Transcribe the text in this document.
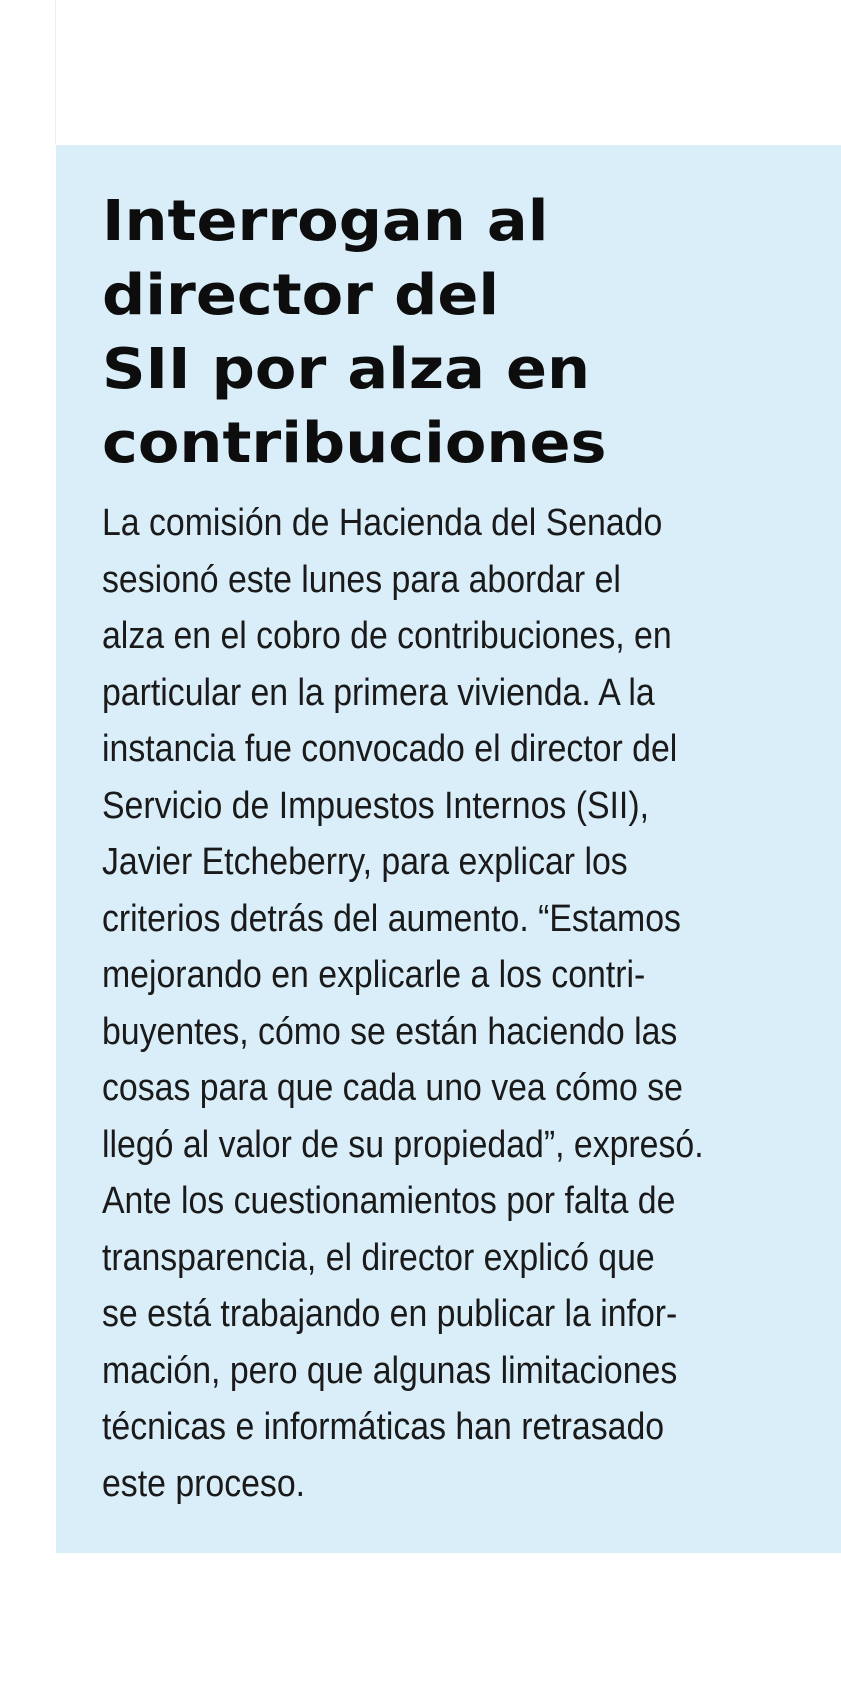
Interrogan al
director del
SII por alza en
contribuciones

La comisión de Hacienda del Senado
sesionó este lunes para abordar el
alza en el cobro de contribuciones, en
particular en la primera vivienda. A la
instancia fue convocado el director del
Servicio de Impuestos Internos (SII),
Javier Etcheberry, para explicar los
criterios detrás del aumento. “Estamos
mejorando en explicarle a los contri-
buyentes, cómo se están haciendo las
cosas para que cada uno vea cómo se
llegó al valor de su propiedad”, expresó.
Ante los cuestionamientos por falta de
transparencia, el director explicó que
se está trabajando en publicar la infor-
mación, pero que algunas limitaciones
técnicas e informáticas han retrasado
este proceso.
